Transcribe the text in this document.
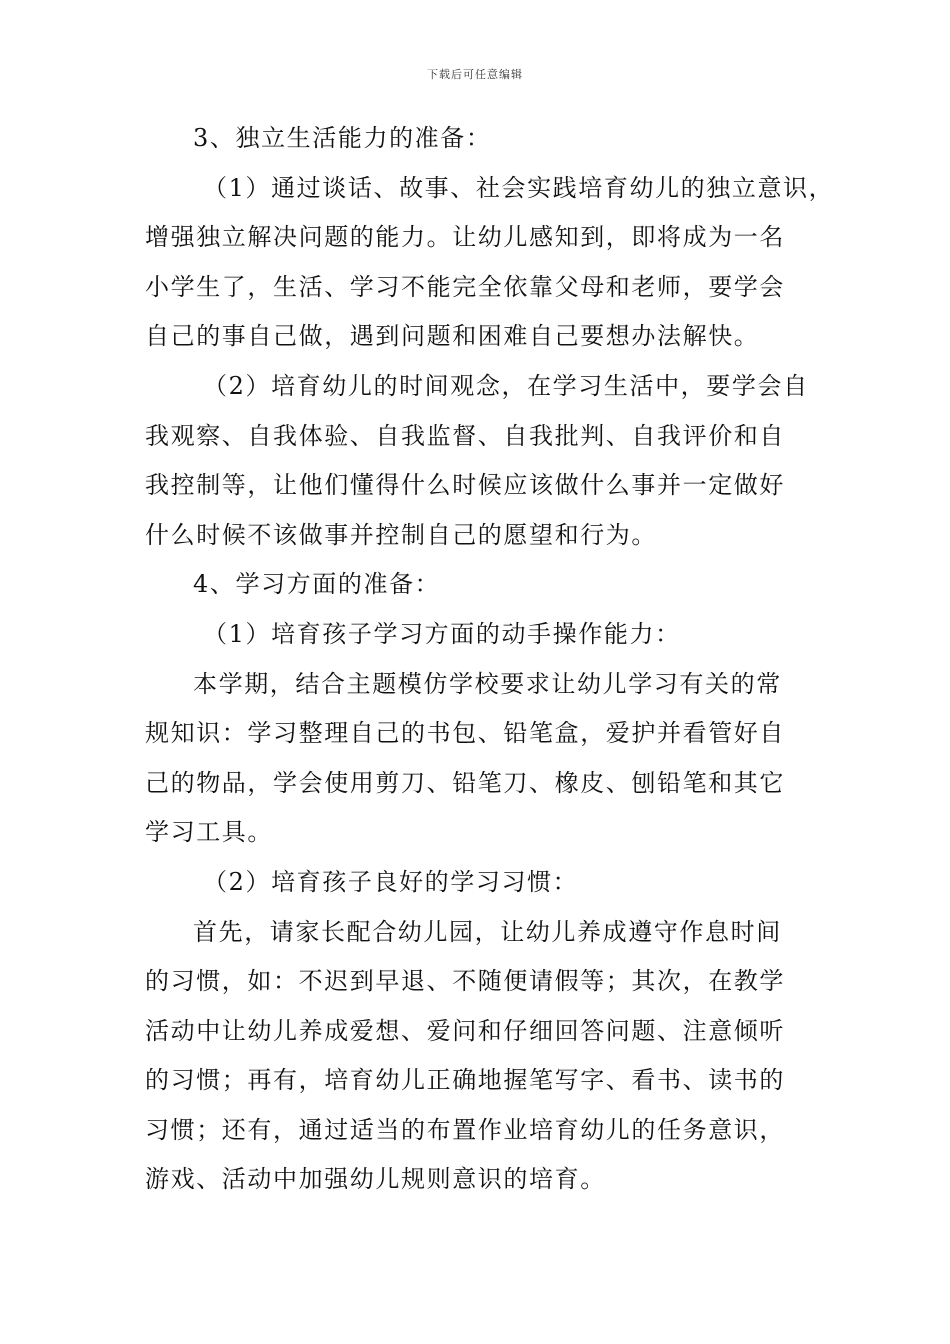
下载后可任意编辑
3、独立生活能力的准备：
（1）通过谈话、故事、社会实践培育幼儿的独立意识，
增强独立解决问题的能力。让幼儿感知到，即将成为一名
小学生了，生活、学习不能完全依靠父母和老师，要学会
自己的事自己做，遇到问题和困难自己要想办法解快。
（2）培育幼儿的时间观念，在学习生活中，要学会自
我观察、自我体验、自我监督、自我批判、自我评价和自
我控制等，让他们懂得什么时候应该做什么事并一定做好
什么时候不该做事并控制自己的愿望和行为。
4、学习方面的准备：
（1）培育孩子学习方面的动手操作能力：
本学期，结合主题模仿学校要求让幼儿学习有关的常
规知识：学习整理自己的书包、铅笔盒，爱护并看管好自
己的物品，学会使用剪刀、铅笔刀、橡皮、刨铅笔和其它
学习工具。
（2）培育孩子良好的学习习惯：
首先，请家长配合幼儿园，让幼儿养成遵守作息时间
的习惯，如：不迟到早退、不随便请假等；其次，在教学
活动中让幼儿养成爱想、爱问和仔细回答问题、注意倾听
的习惯；再有，培育幼儿正确地握笔写字、看书、读书的
习惯；还有，通过适当的布置作业培育幼儿的任务意识，
游戏、活动中加强幼儿规则意识的培育。
